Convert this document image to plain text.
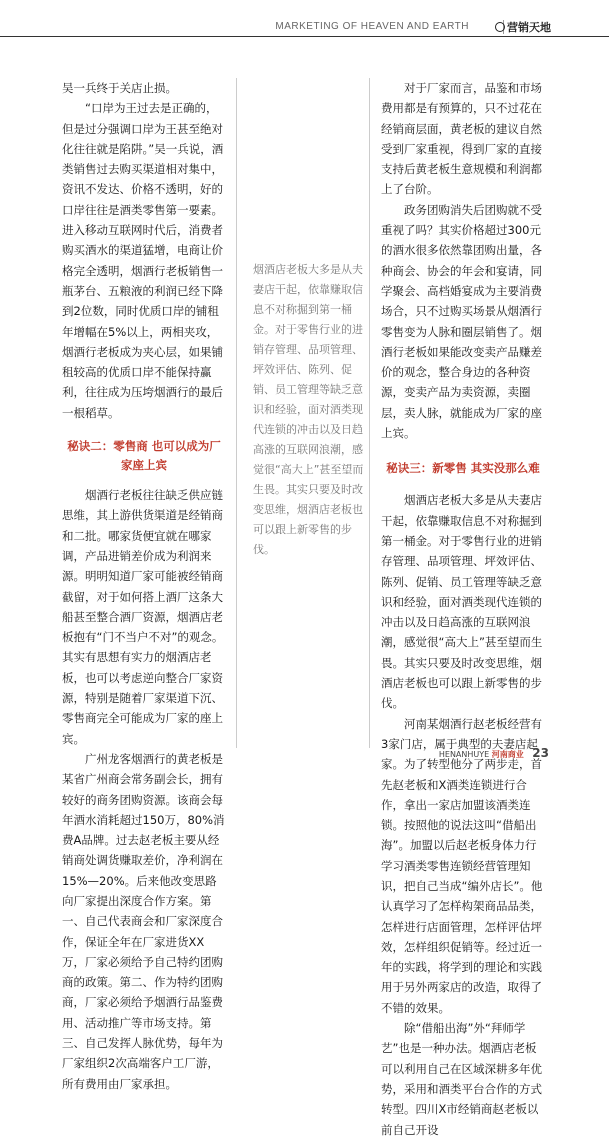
MARKETING OF HEAVEN AND EARTH	营销天地

吴一兵终于关店止损。

“口岸为王过去是正确的，但是过分强调口岸为王甚至绝对化往往就是陷阱。”吴一兵说，酒类销售过去购买渠道相对集中，资讯不发达、价格不透明，好的口岸往往是酒类零售第一要素。进入移动互联网时代后，消费者购买酒水的渠道猛增，电商让价格完全透明，烟酒行老板销售一瓶茅台、五粮液的利润已经下降到2位数，同时优质口岸的铺租年增幅在5%以上，两相夹攻，烟酒行老板成为夹心层，如果铺租较高的优质口岸不能保持赢利，往往成为压垮烟酒行的最后一根稻草。

秘诀二：零售商 也可以成为厂家座上宾

烟酒行老板往往缺乏供应链思维，其上游供货渠道是经销商和二批。哪家货便宜就在哪家调，产品进销差价成为利润来源。明明知道厂家可能被经销商截留，对于如何搭上酒厂这条大船甚至整合酒厂资源，烟酒店老板抱有“门不当户不对”的观念。其实有思想有实力的烟酒店老板，也可以考虑逆向整合厂家资源，特别是随着厂家渠道下沉、零售商完全可能成为厂家的座上宾。

广州龙客烟酒行的黄老板是某省广州商会常务副会长，拥有较好的商务团购资源。该商会每年酒水消耗超过150万，80%消费A品牌。过去赵老板主要从经销商处调货赚取差价，净利润在15%—20%。后来他改变思路向厂家提出深度合作方案。第一、自己代表商会和厂家深度合作，保证全年在厂家进货XX万，厂家必须给予自己特约团购商的政策。第二、作为特约团购商，厂家必须给予烟酒行品鉴费用、活动推广等市场支持。第三、自己发挥人脉优势，每年为厂家组织2次高端客户工厂游，所有费用由厂家承担。

烟酒店老板大多是从夫妻店干起，依靠赚取信息不对称掘到第一桶金。对于零售行业的进销存管理、品项管理、坪效评估、陈列、促销、员工管理等缺乏意识和经验，面对酒类现代连锁的冲击以及日趋高涨的互联网浪潮，感觉很“高大上”甚至望而生畏。其实只要及时改变思维，烟酒店老板也可以跟上新零售的步伐。

对于厂家而言，品鉴和市场费用都是有预算的，只不过花在经销商层面，黄老板的建议自然受到厂家重视，得到厂家的直接支持后黄老板生意规模和利润都上了台阶。

政务团购消失后团购就不受重视了吗？其实价格超过300元的酒水很多依然靠团购出量，各种商会、协会的年会和宴请，同学聚会、高档婚宴成为主要消费场合，只不过购买场景从烟酒行零售变为人脉和圈层销售了。烟酒行老板如果能改变卖产品赚差价的观念，整合身边的各种资源，变卖产品为卖资源，卖圈层，卖人脉，就能成为厂家的座上宾。

秘诀三：新零售 其实没那么难

烟酒店老板大多是从夫妻店干起，依靠赚取信息不对称掘到第一桶金。对于零售行业的进销存管理、品项管理、坪效评估、陈列、促销、员工管理等缺乏意识和经验，面对酒类现代连锁的冲击以及日趋高涨的互联网浪潮，感觉很“高大上”甚至望而生畏。其实只要及时改变思维，烟酒店老板也可以跟上新零售的步伐。

河南某烟酒行赵老板经营有3家门店，属于典型的夫妻店起家。为了转型他分了两步走，首先赵老板和X酒类连锁进行合作，拿出一家店加盟该酒类连锁。按照他的说法这叫“借船出海”。加盟以后赵老板身体力行学习酒类零售连锁经营管理知识，把自己当成“编外店长”。他认真学习了怎样构架商品品类，怎样进行店面管理，怎样评估坪效，怎样组织促销等。经过近一年的实践，将学到的理论和实践用于另外两家店的改造，取得了不错的效果。

除“借船出海”外“拜师学艺”也是一种办法。烟酒店老板可以利用自己在区域深耕多年优势，采用和酒类平台合作的方式转型。四川X市经销商赵老板以前自己开设

HENANHUYE 河南商业 23
